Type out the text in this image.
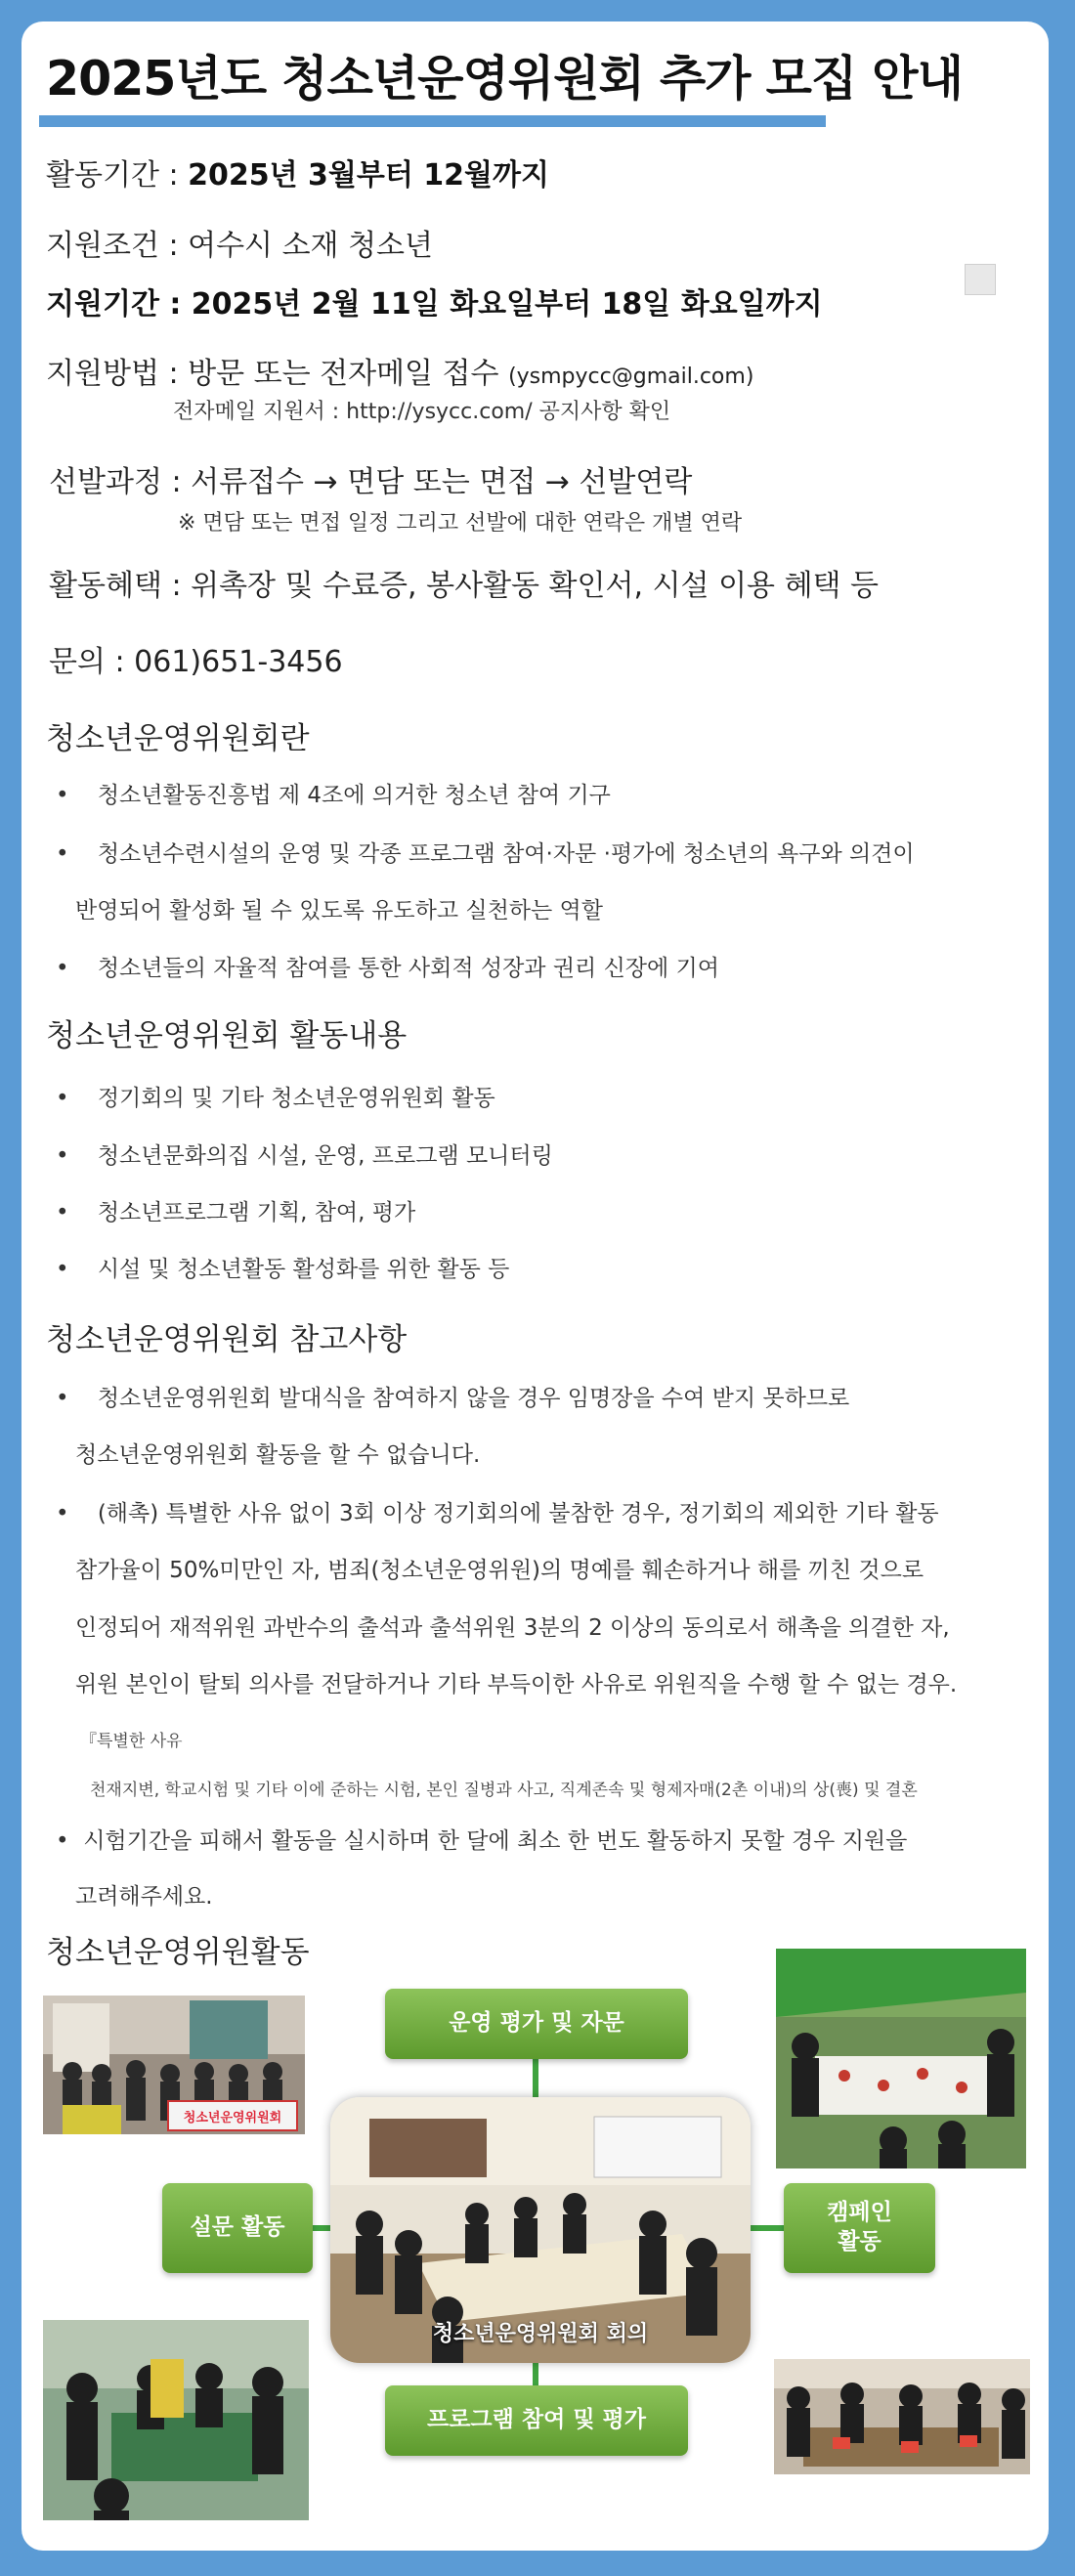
2025년도 청소년운영위원회 추가 모집 안내
활동기간 : 2025년 3월부터 12월까지
지원조건 : 여수시 소재 청소년
지원기간 : 2025년 2월 11일 화요일부터 18일 화요일까지
지원방법 : 방문 또는 전자메일 접수 (ysmpycc@gmail.com)
전자메일 지원서 : http://ysycc.com/ 공지사항 확인
선발과정 : 서류접수 → 면담 또는 면접 → 선발연락
※ 면담 또는 면접 일정 그리고 선발에 대한 연락은 개별 연락
활동혜택 : 위촉장 및 수료증, 봉사활동 확인서, 시설 이용 혜택 등
문의 : 061)651-3456
청소년운영위원회란
•    청소년활동진흥법 제 4조에 의거한 청소년 참여 기구
•    청소년수련시설의 운영 및 각종 프로그램 참여·자문 ·평가에 청소년의 욕구와 의견이
반영되어 활성화 될 수 있도록 유도하고 실천하는 역할
•    청소년들의 자율적 참여를 통한 사회적 성장과 권리 신장에 기여
청소년운영위원회 활동내용
•    정기회의 및 기타 청소년운영위원회 활동
•    청소년문화의집 시설, 운영, 프로그램 모니터링
•    청소년프로그램 기획, 참여, 평가
•    시설 및 청소년활동 활성화를 위한 활동 등
청소년운영위원회 참고사항
•    청소년운영위원회 발대식을 참여하지 않을 경우 임명장을 수여 받지 못하므로
청소년운영위원회 활동을 할 수 없습니다.
•    (해촉) 특별한 사유 없이 3회 이상 정기회의에 불참한 경우, 정기회의 제외한 기타 활동
참가율이 50%미만인 자, 범죄(청소년운영위원)의 명예를 훼손하거나 해를 끼친 것으로
인정되어 재적위원 과반수의 출석과 출석위원 3분의 2 이상의 동의로서 해촉을 의결한 자,
위원 본인이 탈퇴 의사를 전달하거나 기타 부득이한 사유로 위원직을 수행 할 수 없는 경우.
『특별한 사유
천재지변, 학교시험 및 기타 이에 준하는 시험, 본인 질병과 사고, 직계존속 및 형제자매(2촌 이내)의 상(喪) 및 결혼
•  시험기간을 피해서 활동을 실시하며 한 달에 최소 한 번도 활동하지 못할 경우 지원을
고려해주세요.
청소년운영위원활동
청소년운영위원회
운영 평가 및 자문
설문 활동
캠페인
활동
청소년운영위원회 회의
프로그램 참여 및 평가
